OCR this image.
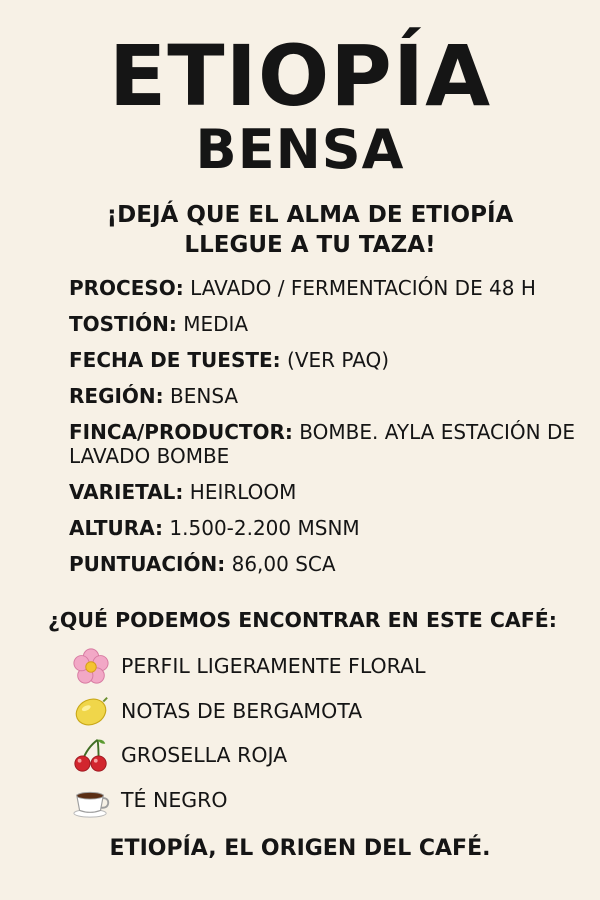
ETIOPÍA
BENSA
¡DEJÁ QUE EL ALMA DE ETIOPÍA
LLEGUE A TU TAZA!
PROCESO: LAVADO / FERMENTACIÓN DE 48 H
TOSTIÓN: MEDIA
FECHA DE TUESTE: (VER PAQ)
REGIÓN: BENSA
FINCA/PRODUCTOR: BOMBE. AYLA ESTACIÓN DE LAVADO BOMBE
VARIETAL: HEIRLOOM
ALTURA: 1.500-2.200 MSNM
PUNTUACIÓN: 86,00 SCA
¿QUÉ PODEMOS ENCONTRAR EN ESTE CAFÉ:
PERFIL LIGERAMENTE FLORAL
NOTAS DE BERGAMOTA
GROSELLA ROJA
TÉ NEGRO
ETIOPÍA, EL ORIGEN DEL CAFÉ.
